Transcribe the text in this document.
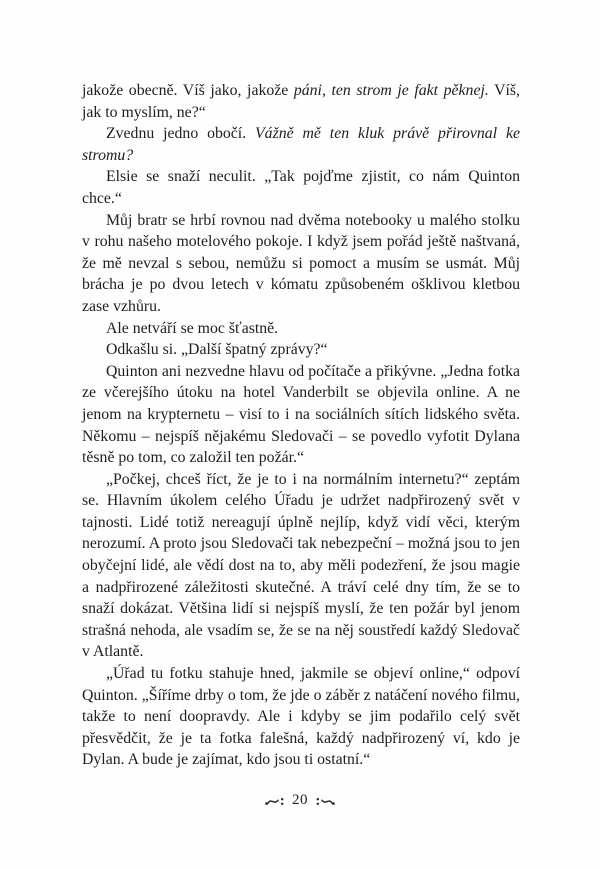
jakože obecně. Víš jako, jakože páni, ten strom je fakt pěknej. Víš, jak to myslím, ne?“

Zvednu jedno obočí. Vážně mě ten kluk právě přirovnal ke stromu?

Elsie se snaží neculit. „Tak pojďme zjistit, co nám Quinton chce.“

Můj bratr se hrbí rovnou nad dvěma notebooky u malého stolku v rohu našeho motelového pokoje. I když jsem pořád ještě naštvaná, že mě nevzal s sebou, nemůžu si pomoct a musím se usmát. Můj brácha je po dvou letech v kómatu způsobeném ošklivou kletbou zase vzhůru.

Ale netváří se moc šťastně.

Odkašlu si. „Další špatný zprávy?“

Quinton ani nezvedne hlavu od počítače a přikývne. „Jedna fotka ze včerejšího útoku na hotel Vanderbilt se objevila online. A ne jenom na krypternetu – visí to i na sociálních sítích lidského světa. Někomu – nejspíš nějakému Sledovači – se povedlo vyfotit Dylana těsně po tom, co založil ten požár.“

„Počkej, chceš říct, že je to i na normálním internetu?“ zeptám se. Hlavním úkolem celého Úřadu je udržet nadpřirozený svět v tajnosti. Lidé totiž nereagují úplně nejlíp, když vidí věci, kterým nerozumí. A proto jsou Sledovači tak nebezpeční – možná jsou to jen obyčejní lidé, ale vědí dost na to, aby měli podezření, že jsou magie a nadpřirozené záležitosti skutečné. A tráví celé dny tím, že se to snaží dokázat. Většina lidí si nejspíš myslí, že ten požár byl jenom strašná nehoda, ale vsadím se, že se na něj soustředí každý Sledovač v Atlantě.

„Úřad tu fotku stahuje hned, jakmile se objeví online,“ odpoví Quinton. „Šíříme drby o tom, že jde o záběr z natáčení nového filmu, takže to není doopravdy. Ale i kdyby se jim podařilo celý svět přesvědčit, že je ta fotka falešná, každý nadpřirozený ví, kdo je Dylan. A bude je zajímat, kdo jsou ti ostatní.“

20
